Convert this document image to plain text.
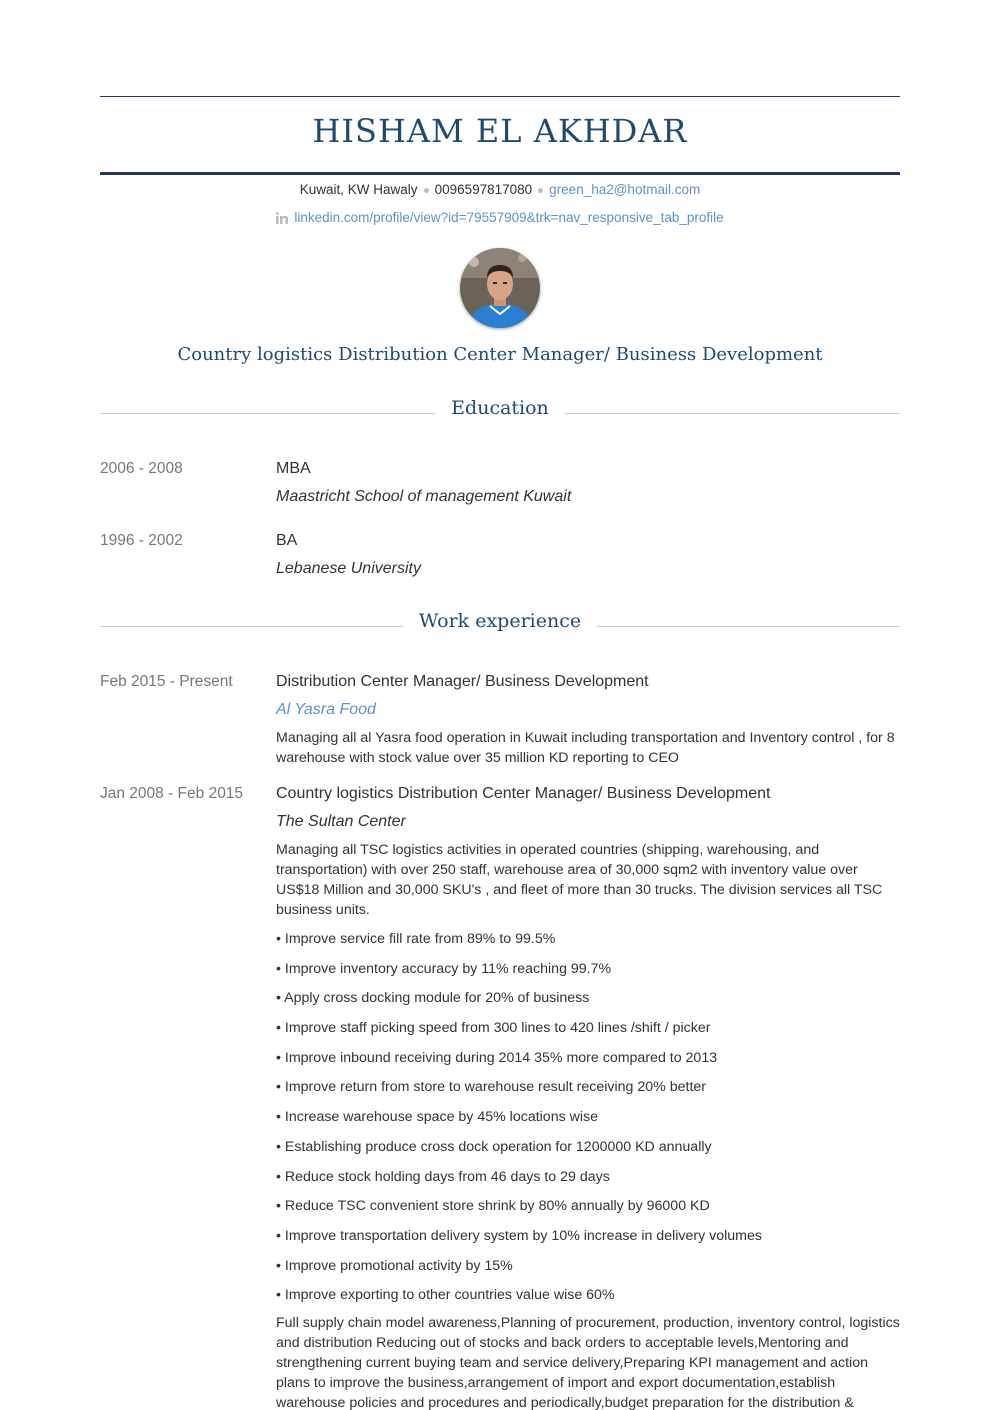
HISHAM EL AKHDAR
Kuwait, KW Hawaly 0096597817080 green_ha2@hotmail.com
linkedin.com/profile/view?id=79557909&trk=nav_responsive_tab_profile
Country logistics Distribution Center Manager/ Business Development
Education
2006 - 2008	MBA
Maastricht School of management Kuwait
1996 - 2002	BA
Lebanese University
Work experience
Feb 2015 - Present	Distribution Center Manager/ Business Development
Al Yasra Food
Managing all al Yasra food operation in Kuwait including transportation and Inventory control , for 8 warehouse with stock value over 35 million KD reporting to CEO
Jan 2008 - Feb 2015 Country logistics Distribution Center Manager/ Business Development
The Sultan Center
Managing all TSC logistics activities in operated countries (shipping, warehousing, and transportation) with over 250 staff, warehouse area of 30,000 sqm2 with inventory value over US$18 Million and 30,000 SKU's , and fleet of more than 30 trucks. The division services all TSC business units.
• Improve service fill rate from 89% to 99.5%
• Improve inventory accuracy by 11% reaching 99.7%
• Apply cross docking module for 20% of business
• Improve staff picking speed from 300 lines to 420 lines /shift / picker
• Improve inbound receiving during 2014 35% more compared to 2013
• Improve return from store to warehouse result receiving 20% better
• Increase warehouse space by 45% locations wise
• Establishing produce cross dock operation for 1200000 KD annually
• Reduce stock holding days from 46 days to 29 days
• Reduce TSC convenient store shrink by 80% annually by 96000 KD
• Improve transportation delivery system by 10% increase in delivery volumes
• Improve promotional activity by 15%
• Improve exporting to other countries value wise 60%
Full supply chain model awareness,Planning of procurement, production, inventory control, logistics and distribution Reducing out of stocks and back orders to acceptable levels,Mentoring and strengthening current buying team and service delivery,Preparing KPI management and action plans to improve the business,arrangement of import and export documentation,establish warehouse policies and procedures and periodically,budget preparation for the distribution &
